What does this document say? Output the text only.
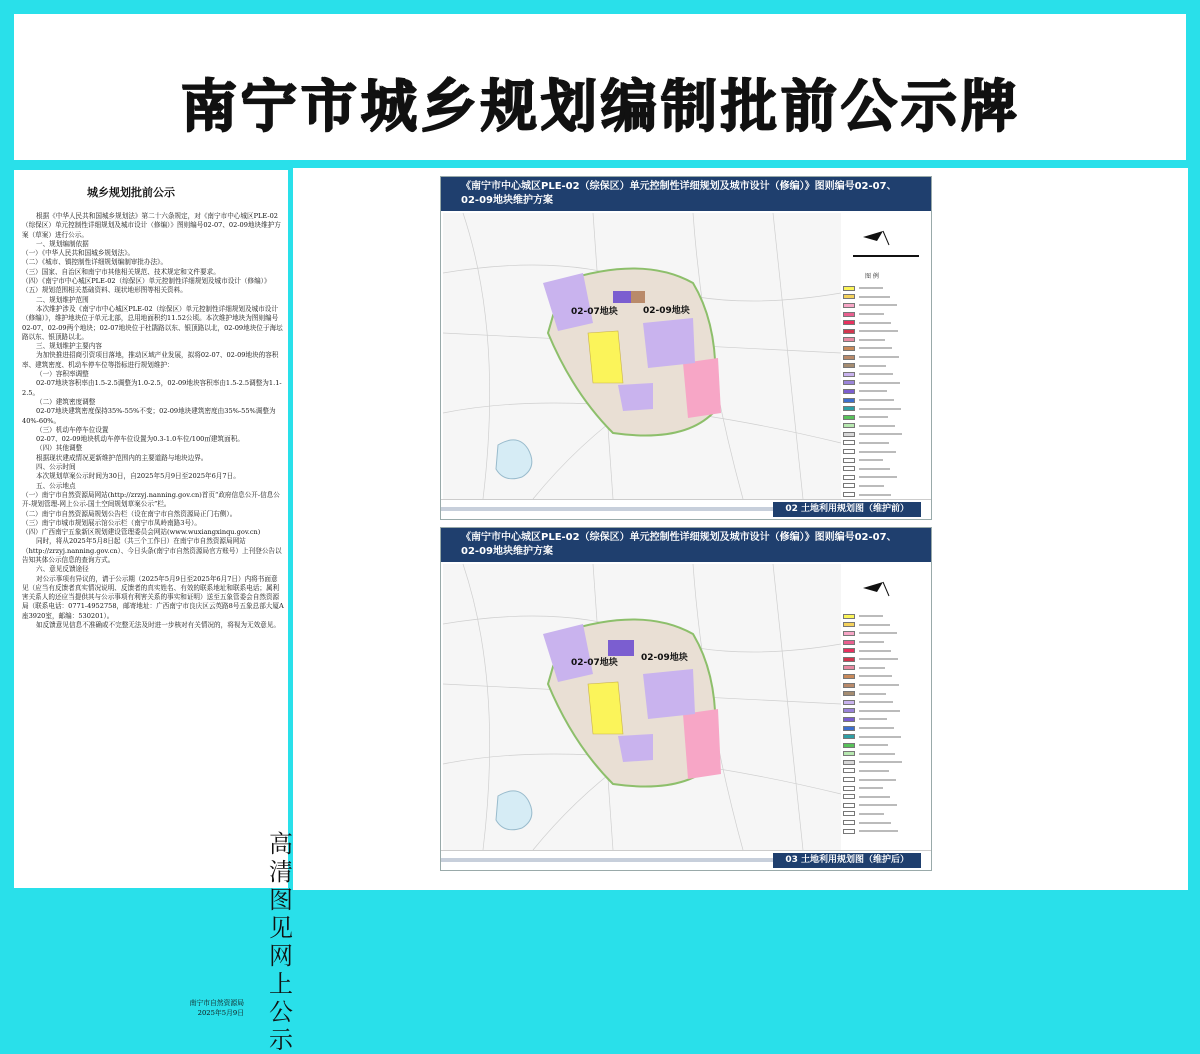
南宁市城乡规划编制批前公示牌
城乡规划批前公示

根据《中华人民共和国城乡规划法》第二十六条规定，对《南宁市中心城区PLE-02（综保区）单元控制性详细规划及城市设计（修编）》图则编号02-07、02-09地块维护方案（草案）进行公示。

一、规划编制依据

（一）《中华人民共和国城乡规划法》。

（二）《城市、镇控制性详细规划编制审批办法》。

（三）国家、自治区和南宁市其他相关规范、技术规定和文件要求。

（四）《南宁市中心城区PLE-02（综保区）单元控制性详细规划及城市设计（修编）》

（五）规划范围相关基础资料、现状地形图等相关资料。

二、规划维护范围

本次维护涉及《南宁市中心城区PLE-02（综保区）单元控制性详细规划及城市设计（修编）》，维护地块位于单元北部，总用地面积约11.52公顷。本次维护地块为图则编号02-07、02-09两个地块；02-07地块位于杜鹃路以东、银顶路以北，02-09地块位于海坛路以东、银顶路以北。

三、规划维护主要内容

为加快推进招商引资项目落地，推动区域产业发展，拟将02-07、02-09地块的容积率、建筑密度、机动车停车位等指标进行规划维护：

（一）容积率调整

02-07地块容积率由1.5-2.5调整为1.0-2.5，02-09地块容积率由1.5-2.5调整为1.1-2.5。

（二）建筑密度调整

02-07地块建筑密度保持35%-55%不变；02-09地块建筑密度由35%-55%调整为40%-60%。

（三）机动车停车位设置

02-07、02-09地块机动车停车位设置为0.3-1.0车位/100㎡建筑面积。

（四）其他调整

根据现状建成情况更新维护范围内的主要道路与地块边界。

四、公示时间

本次规划草案公示时间为30日，自2025年5月9日至2025年6月7日。

五、公示地点

（一）南宁市自然资源局网站(http://zrzyj.nanning.gov.cn)首页“政府信息公开-信息公开-规划管理-网上公示-国土空间规划草案公示”栏。

（二）南宁市自然资源局规划公告栏（设在南宁市自然资源局正门右侧）。

（三）南宁市城市规划展示馆公示栏（南宁市凤岭南路3号）。

（四）广西南宁五象新区规划建设管理委员会网站(www.wuxiangxinqu.gov.cn)

同时，将从2025年5月8日起（共三个工作日）在南宁市自然资源局网站（http://zrzyj.nanning.gov.cn）、今日头条(南宁市自然资源局官方账号）上刊登公告以告知其体公示信息的查询方式。

六、意见反馈途径

对公示事项有异议的，请于公示期（2025年5月9日至2025年6月7日）内将书面意见（应当有反馈者真实情况说明、反馈者的真实姓名、有效的联系地址和联系电话；属利害关系人的还应当提供其与公示事项有利害关系的事实和证明）送至五象管委会自然资源局（联系电话：0771-4952758，邮寄地址：广西南宁市良庆区云英路8号五象总部大厦A座3920室，邮编：530201）。

如反馈意见信息不准确或不完整无法及时进一步核对有关情况的，将视为无效意见。

南宁市自然资源局
2025年5月9日
高
清
图
见
网
上
公
示
《南宁市中心城区PLE-02（综保区）单元控制性详细规划及城市设计（修编）》图则编号02-07、02-09地块维护方案
02-07地块	02-09地块
图 例
02 土地利用规划图（维护前）
《南宁市中心城区PLE-02（综保区）单元控制性详细规划及城市设计（修编）》图则编号02-07、02-09地块维护方案
02-07地块	02-09地块
03 土地利用规划图（维护后）
